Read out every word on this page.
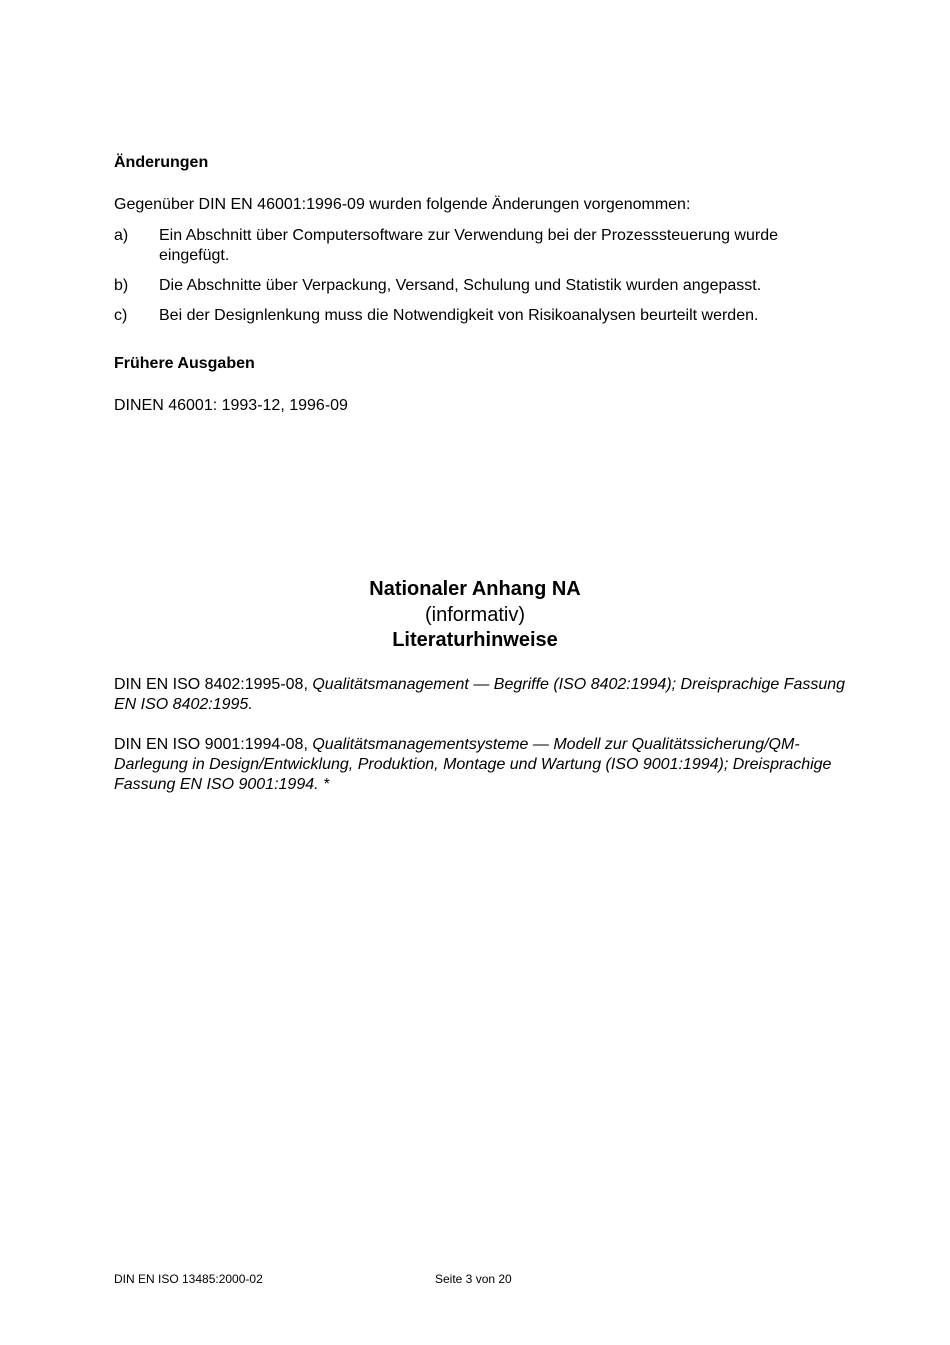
Änderungen
Gegenüber DIN EN 46001:1996-09 wurden folgende Änderungen vorgenommen:
a) Ein Abschnitt über Computersoftware zur Verwendung bei der Prozesssteuerung wurde eingefügt.
b) Die Abschnitte über Verpackung, Versand, Schulung und Statistik wurden angepasst.
c) Bei der Designlenkung muss die Notwendigkeit von Risikoanalysen beurteilt werden.
Frühere Ausgaben
DINEN 46001: 1993-12, 1996-09
Nationaler Anhang NA
(informativ)
Literaturhinweise
DIN EN ISO 8402:1995-08, Qualitätsmanagement — Begriffe (ISO 8402:1994); Dreisprachige Fassung EN ISO 8402:1995.
DIN EN ISO 9001:1994-08, Qualitätsmanagementsysteme — Modell zur Qualitätssicherung/QM-Darlegung in Design/Entwicklung, Produktion, Montage und Wartung (ISO 9001:1994); Dreisprachige Fassung EN ISO 9001:1994. *
DIN EN ISO 13485:2000-02	Seite 3 von 20
